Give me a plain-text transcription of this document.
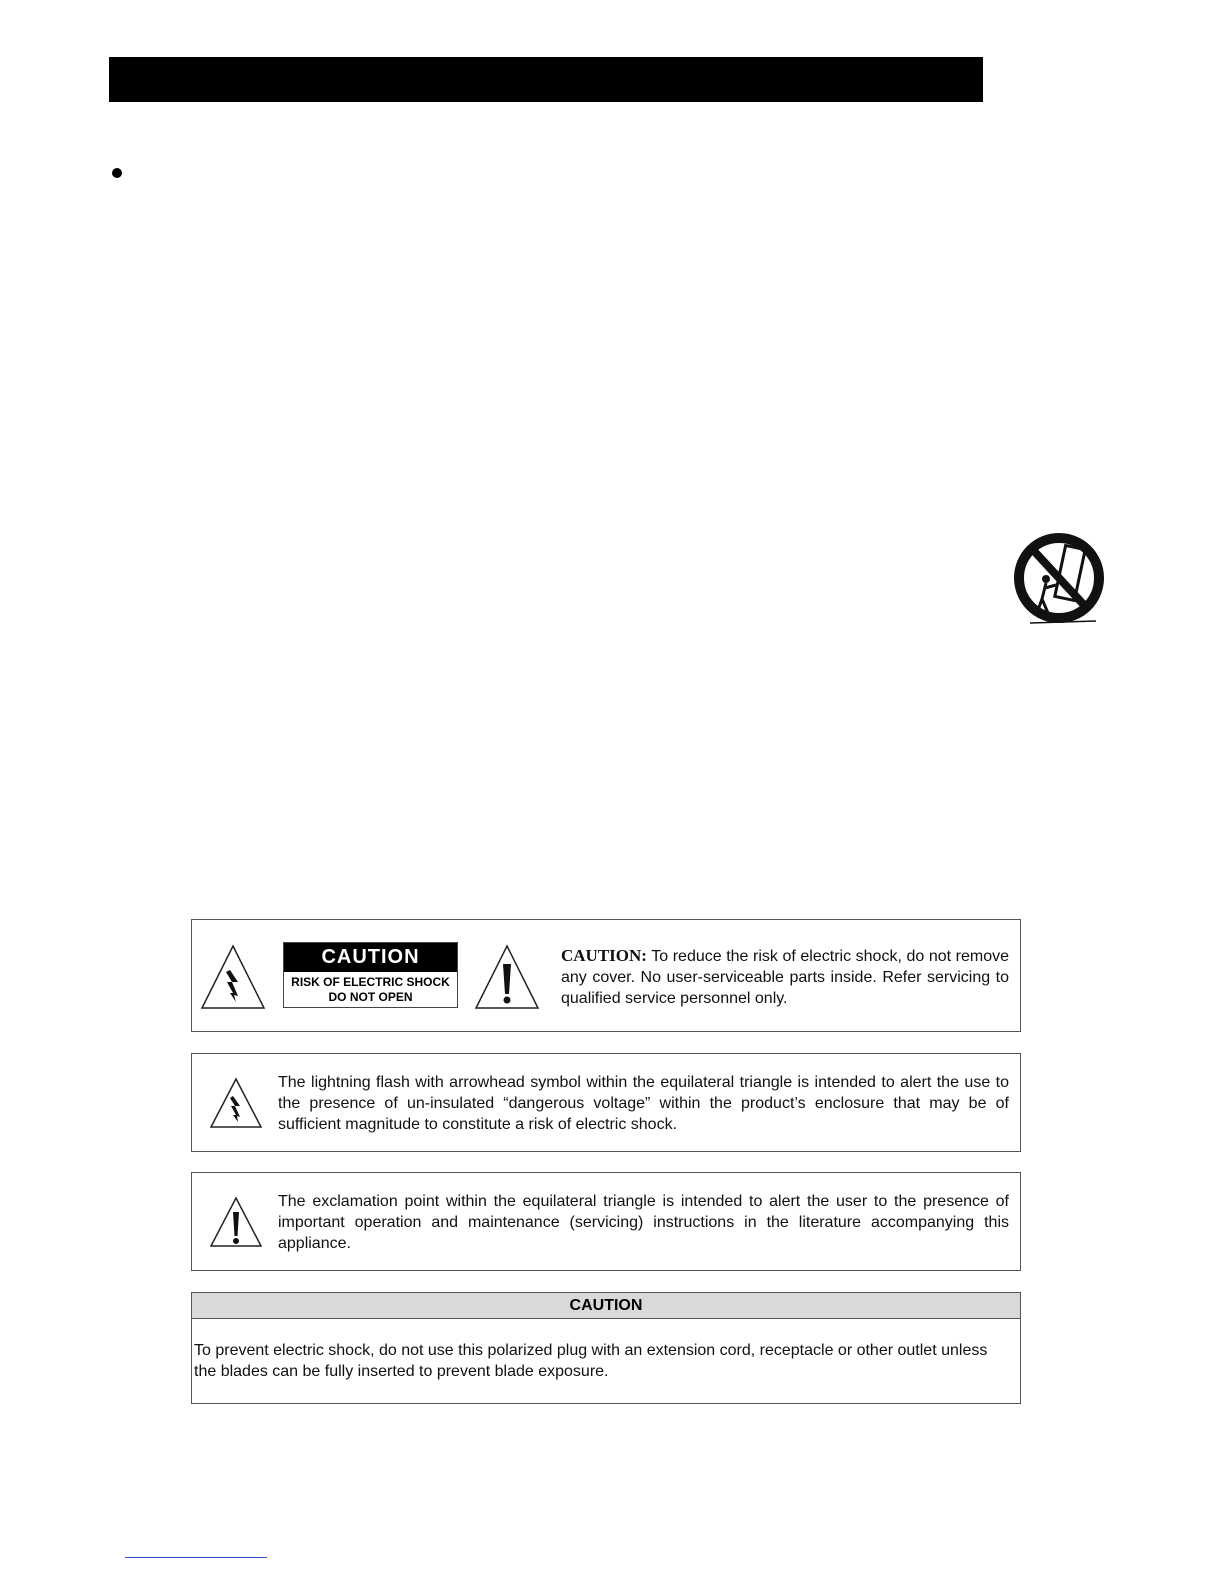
CAUTION
RISK OF ELECTRIC SHOCK
DO NOT OPEN
CAUTION: To reduce the risk of electric shock, do not remove any cover. No user-serviceable parts inside. Refer servicing to qualified service personnel only.
The lightning flash with arrowhead symbol within the equilateral triangle is intended to alert the use to the presence of un-insulated “dangerous voltage” within the product’s enclosure that may be of sufficient magnitude to constitute a risk of electric shock.
The exclamation point within the equilateral triangle is intended to alert the user to the presence of important operation and maintenance (servicing) instructions in the literature accompanying this appliance.
CAUTION
To prevent electric shock, do not use this polarized plug with an extension cord, receptacle or other outlet unless the blades can be fully inserted to prevent blade exposure.
